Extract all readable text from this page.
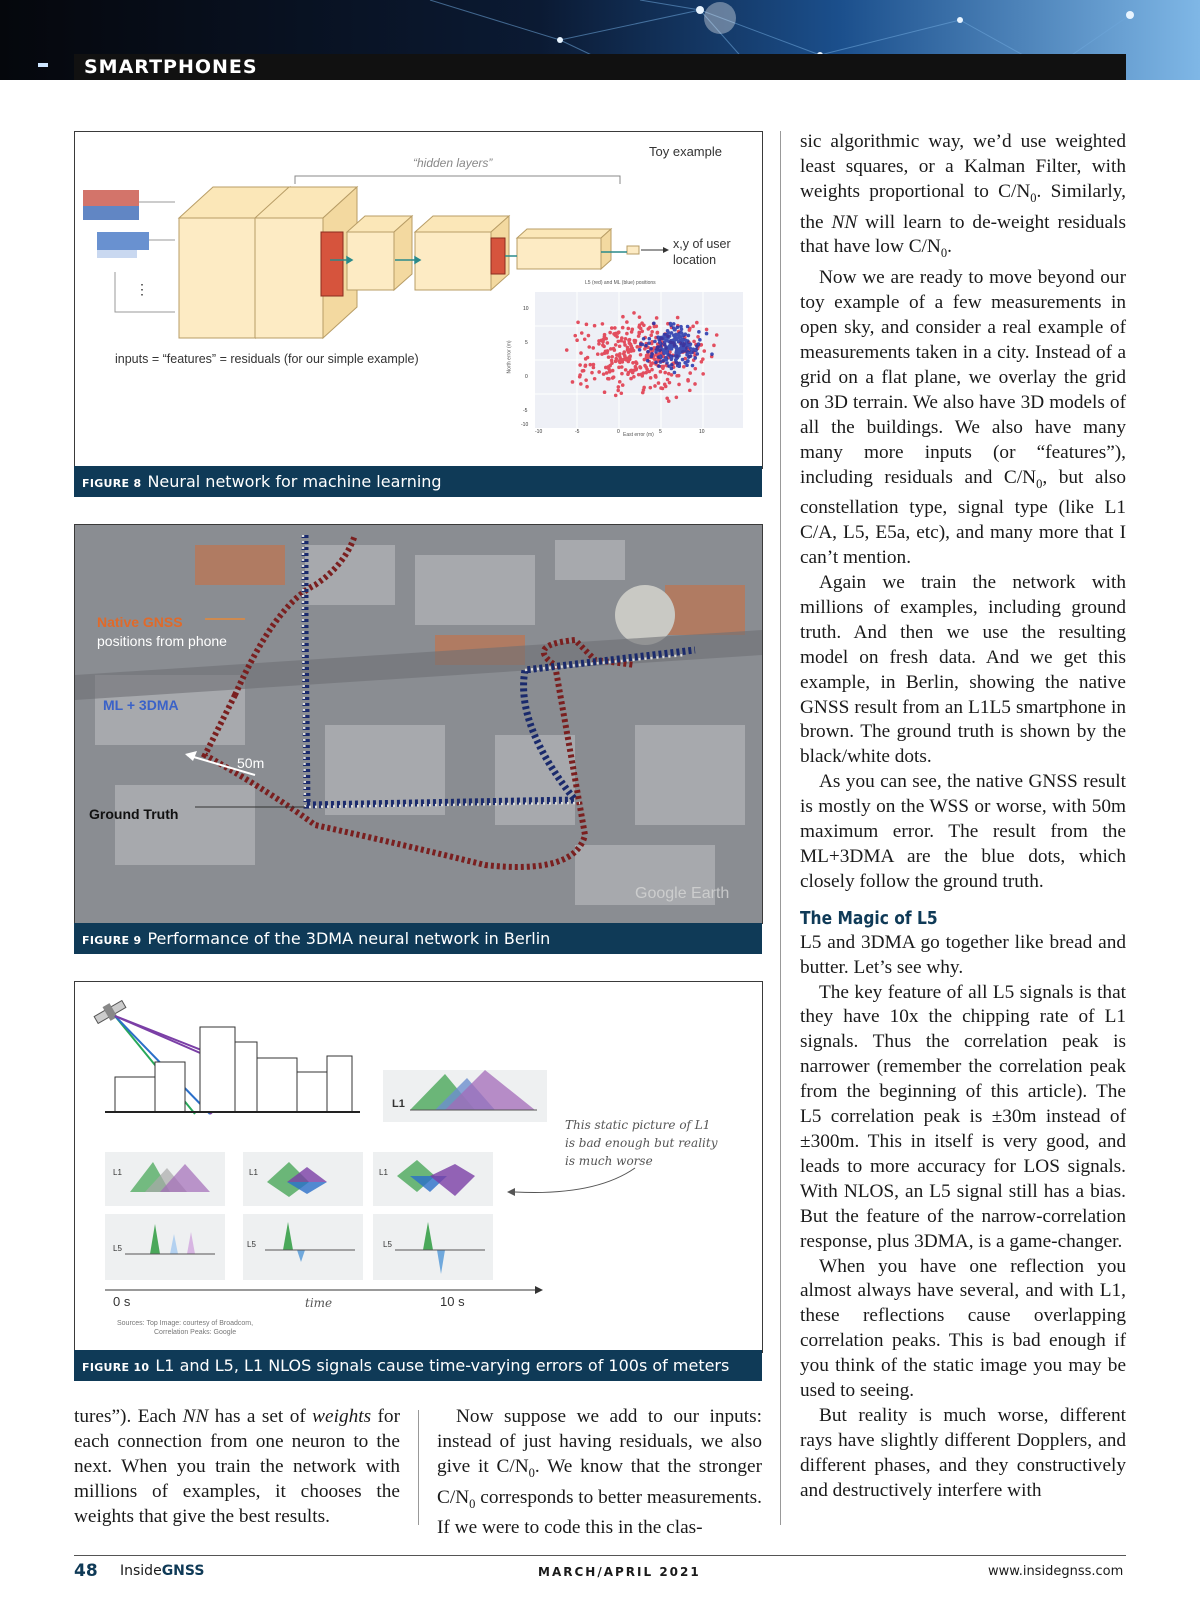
SMARTPHONES
⋮
Toy example
“hidden layers”
x,y of user
location
inputs = “features” = residuals (for our simple example)
L5 (red) and ML (blue) positions
East error (m)
North error (m)
-10	-5	0	5	10
10
5
0
-5
-10
FIGURE 8 Neural network for machine learning
Native GNSS
positions from phone
ML + 3DMA
50m
Ground Truth
Google Earth
FIGURE 9 Performance of the 3DMA neural network in Berlin
L1
L1	L1	L1
L5	L5	L5
This static picture of L1
is bad enough but reality
is much worse
0 s	time	10 s
Sources: Top Image: courtesy of Broadcom,
Correlation Peaks: Google
FIGURE 10 L1 and L5, L1 NLOS signals cause time-varying errors of 100s of meters

tures”). Each NN has a set of weights for each connection from one neuron to the next. When you train the network with millions of examples, it chooses the weights that give the best results.

Now suppose we add to our inputs: instead of just having residuals, we also give it $C/N_0$. We know that the stronger $C/N_0$ corresponds to better measurements. If we were to code this in the clas-

sic algorithmic way, we’d use weighted least squares, or a Kalman Filter, with weights proportional to $C/N_0$. Similarly, the NN will learn to de-weight residuals that have low $C/N_0$.

Now we are ready to move beyond our toy example of a few measurements in open sky, and consider a real example of measurements taken in a city. Instead of a grid on a flat plane, we overlay the grid on 3D terrain. We also have 3D models of all the buildings. We also have many many more inputs (or “features”), including residuals and $C/N_0$, but also constellation type, signal type (like L1 C/A, L5, E5a, etc), and many more that I can’t mention.

Again we train the network with millions of examples, including ground truth. And then we use the resulting model on fresh data. And we get this example, in Berlin, showing the native GNSS result from an L1L5 smartphone in brown. The ground truth is shown by the black/white dots.

As you can see, the native GNSS result is mostly on the WSS or worse, with 50m maximum error. The result from the ML+3DMA are the blue dots, which closely follow the ground truth.

The Magic of L5

L5 and 3DMA go together like bread and butter. Let’s see why.

The key feature of all L5 signals is that they have 10x the chipping rate of L1 signals. Thus the correlation peak is narrower (remember the correlation peak from the beginning of this article). The L5 correlation peak is ±30m instead of ±300m. This in itself is very good, and leads to more accuracy for LOS signals. With NLOS, an L5 signal still has a bias. But the feature of the narrow-correlation response, plus 3DMA, is a game-changer.

When you have one reflection you almost always have several, and with L1, these reflections cause overlapping correlation peaks. This is bad enough if you think of the static image you may be used to seeing.

But reality is much worse, different rays have slightly different Dopplers, and different phases, and they constructively and destructively interfere with

48 InsideGNSS	MARCH/APRIL 2021	www.insidegnss.com
